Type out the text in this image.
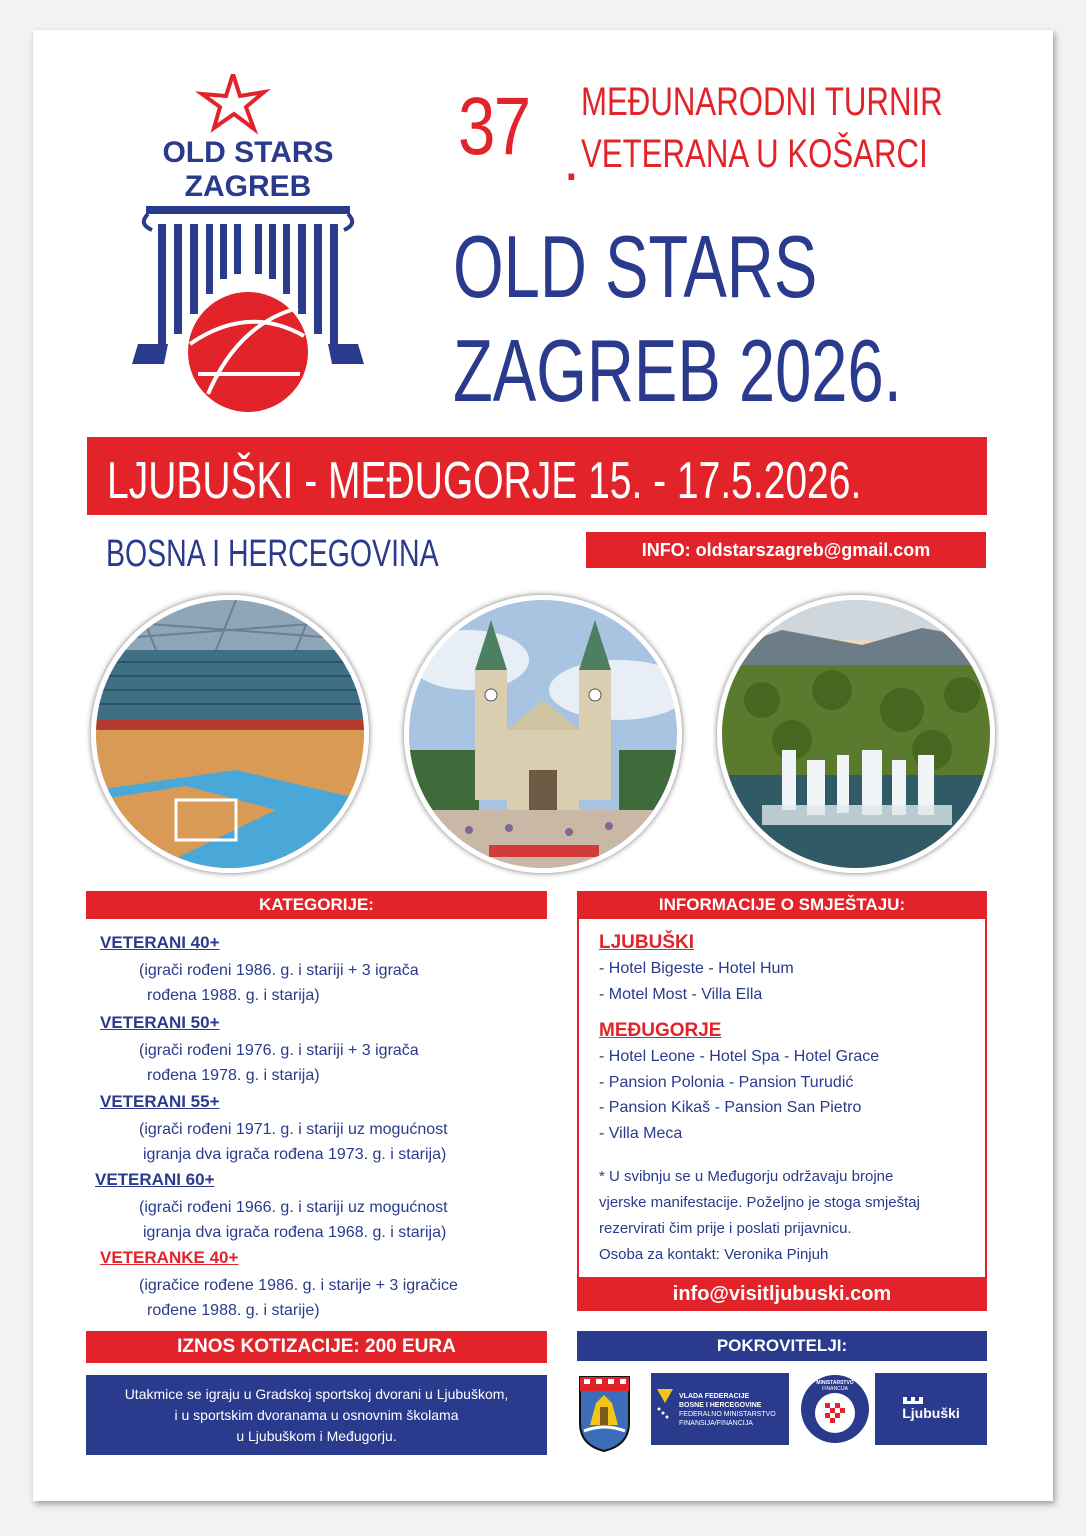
OLD STARS
ZAGREB
37 .
MEĐUNARODNI TURNIR
VETERANA U KOŠARCI
OLD STARS
ZAGREB 2026.
LJUBUŠKI - MEĐUGORJE 15. - 17.5.2026.
BOSNA I HERCEGOVINA	INFO: oldstarszagreb@gmail.com
KATEGORIJE:
VETERANI 40+
(igrači rođeni 1986. g. i stariji + 3 igrača
rođena 1988. g. i starija)
VETERANI 50+
(igrači rođeni 1976. g. i stariji + 3 igrača
rođena 1978. g. i starija)
VETERANI 55+
(igrači rođeni 1971. g. i stariji uz mogućnost
igranja dva igrača rođena 1973. g. i starija)
VETERANI 60+
(igrači rođeni 1966. g. i stariji uz mogućnost
igranja dva igrača rođena 1968. g. i starija)
VETERANKE 40+
(igračice rođene 1986. g. i starije + 3 igračice
rođene 1988. g. i starije)
IZNOS KOTIZACIJE: 200 EURA
Utakmice se igraju u Gradskoj sportskoj dvorani u Ljubuškom,
i u sportskim dvoranama u osnovnim školama
u Ljubuškom i Međugorju.
INFORMACIJE O SMJEŠTAJU:
LJUBUŠKI
- Hotel Bigeste - Hotel Hum
- Motel Most - Villa Ella
MEĐUGORJE
- Hotel Leone - Hotel Spa - Hotel Grace
- Pansion Polonia - Pansion Turudić
- Pansion Kikaš - Pansion San Pietro
- Villa Meca
* U svibnju se u Međugorju održavaju brojne
vjerske manifestacije. Poželjno je stoga smještaj
rezervirati čim prije i poslati prijavnicu.
Osoba za kontakt: Veronika Pinjuh
info@visitljubuski.com
POKROVITELJI:
VLADA FEDERACIJE
BOSNE I HERCEGOVINE
FEDERALNO MINISTARSTVO
FINANSIJA/FINANCIJA
MINISTARSTVO
FINANCIJA
Ljubuški
